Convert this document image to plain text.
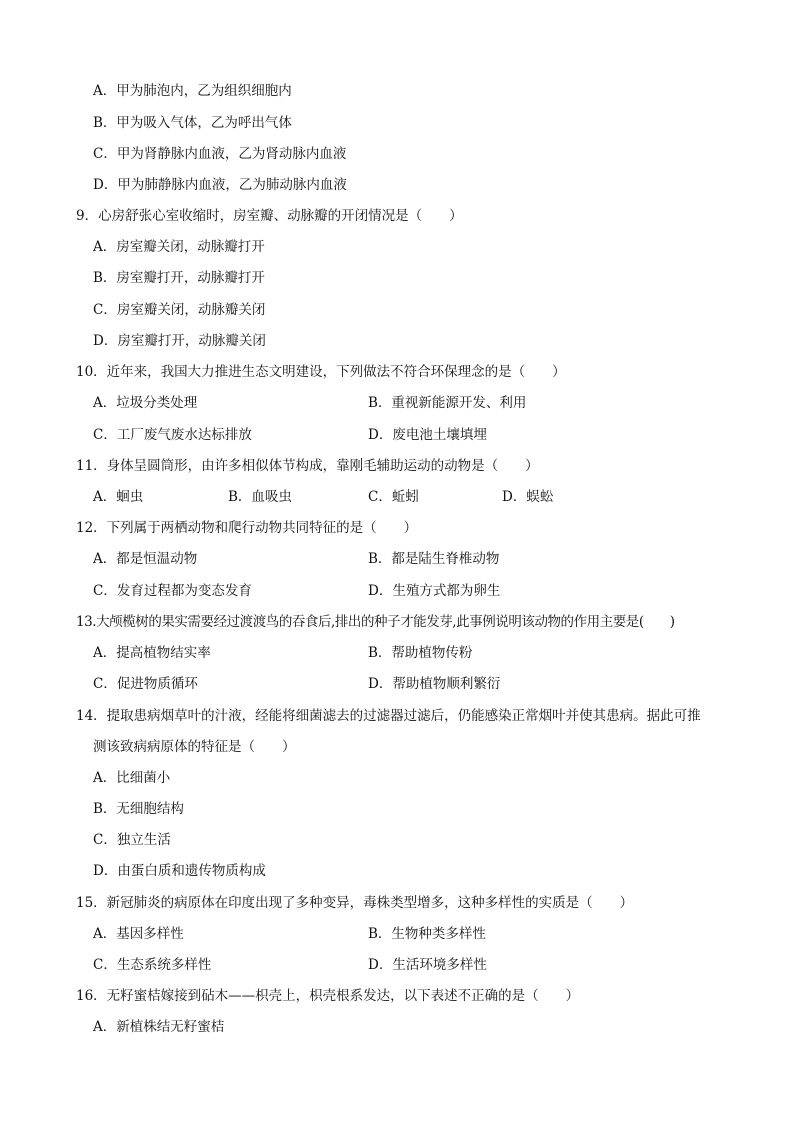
A．甲为肺泡内，乙为组织细胞内
B．甲为吸入气体，乙为呼出气体
C．甲为肾静脉内血液，乙为肾动脉内血液
D．甲为肺静脉内血液，乙为肺动脉内血液
9．心房舒张心室收缩时，房室瓣、动脉瓣的开闭情况是（　　）
A．房室瓣关闭，动脉瓣打开
B．房室瓣打开，动脉瓣打开
C．房室瓣关闭，动脉瓣关闭
D．房室瓣打开，动脉瓣关闭
10．近年来，我国大力推进生态文明建设，下列做法不符合环保理念的是（　　）
A．垃圾分类处理	B．重视新能源开发、利用
C．工厂废气废水达标排放	D．废电池土壤填埋
11．身体呈圆筒形，由许多相似体节构成，靠刚毛辅助运动的动物是（　　）
A．蛔虫	B．血吸虫	C．蚯蚓	D．蜈蚣
12．下列属于两栖动物和爬行动物共同特征的是（　　）
A．都是恒温动物	B．都是陆生脊椎动物
C．发育过程都为变态发育	D．生殖方式都为卵生
13.大颅榄树的果实需要经过渡渡鸟的吞食后,排出的种子才能发芽,此事例说明该动物的作用主要是(　　)
A．提高植物结实率	B．帮助植物传粉
C．促进物质循环	D．帮助植物顺利繁衍
14．提取患病烟草叶的汁液，经能将细菌滤去的过滤器过滤后，仍能感染正常烟叶并使其患病。据此可推
测该致病病原体的特征是（　　）
A．比细菌小
B．无细胞结构
C．独立生活
D．由蛋白质和遗传物质构成
15．新冠肺炎的病原体在印度出现了多种变异，毒株类型增多，这种多样性的实质是（　　）
A．基因多样性	B．生物种类多样性
C．生态系统多样性	D．生活环境多样性
16．无籽蜜桔嫁接到砧木——枳壳上，枳壳根系发达，以下表述不正确的是（　　）
A．新植株结无籽蜜桔
